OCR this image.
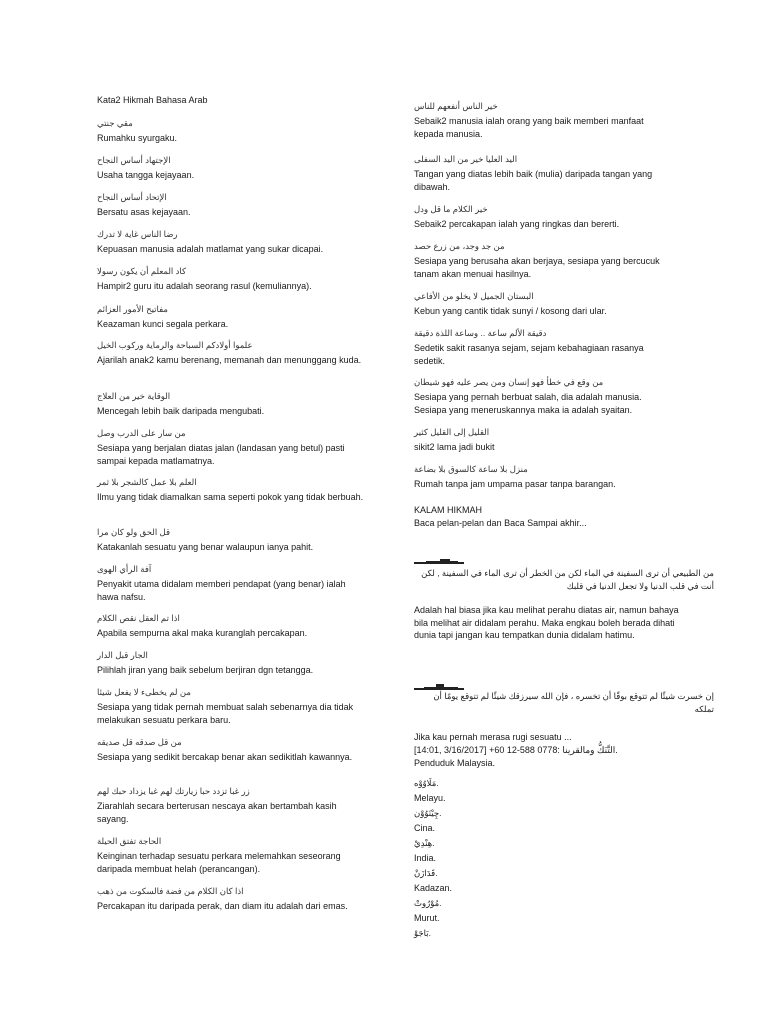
Kata2 Hikmah Bahasa Arab
مقي جنتي
Rumahku syurgaku.
الإجتهاد أساس النجاح
Usaha tangga kejayaan.
الإتحاد أساس النجاح
Bersatu asas kejayaan.
رضا الناس غاية لا تدرك
Kepuasan manusia adalah matlamat yang sukar dicapai.
كاد المعلم أن يكون رسولا
Hampir2 guru itu adalah seorang rasul (kemuliannya).
مفاتيح الأمور العزائم
Keazaman kunci segala perkara.
علموا أولادكم السباحة والرماية وركوب الخيل
Ajarilah anak2 kamu berenang, memanah dan menunggang kuda.
الوقاية خير من العلاج
Mencegah lebih baik daripada mengubati.
من سار على الدرب وصل
Sesiapa yang berjalan diatas jalan (landasan yang betul) pasti sampai kepada matlamatnya.
العلم بلا عمل كالشجر بلا ثمر
Ilmu yang tidak diamalkan sama seperti pokok yang tidak berbuah.
قل الحق ولو كان مرا
Katakanlah sesuatu yang benar walaupun ianya pahit.
آفة الرأي الهوى
Penyakit utama didalam memberi pendapat (yang benar) ialah hawa nafsu.
اذا تم العقل نقص الكلام
Apabila sempurna akal maka kuranglah percakapan.
الجار قبل الدار
Pilihlah jiran yang baik sebelum berjiran dgn tetangga.
من لم يخطىء لا يفعل شيئا
Sesiapa yang tidak pernah membuat salah sebenarnya dia tidak melakukan sesuatu perkara baru.
من قل صدقه قل صديقه
Sesiapa yang sedikit bercakap benar akan sedikitlah kawannya.
زر غبا تزدد حبا زيارتك لهم غبا يزداد حبك لهم
Ziarahlah secara berterusan nescaya akan bertambah kasih sayang.
الحاجة تفتق الحيلة
Keinginan terhadap sesuatu perkara melemahkan seseorang daripada membuat helah (perancangan).
اذا كان الكلام من فضة فالسكوت من ذهب
Percakapan itu daripada perak, dan diam itu adalah dari emas.
خير الناس أنفعهم للناس
Sebaik2 manusia ialah orang yang baik memberi manfaat kepada manusia.
اليد العليا خير من اليد السفلى
Tangan yang diatas lebih baik (mulia) daripada tangan yang dibawah.
خير الكلام ما قل ودل
Sebaik2 percakapan ialah yang ringkas dan bererti.
من جد وجد، من زرع حصد
Sesiapa yang berusaha akan berjaya, sesiapa yang bercucuk tanam akan menuai hasilnya.
البستان الجميل لا يخلو من الأفاعي
Kebun yang cantik tidak sunyi / kosong dari ular.
دقيقة الألم ساعة .. وساعة اللذة دقيقة
Sedetik sakit rasanya sejam, sejam kebahagiaan rasanya sedetik.
من وقع في خطأ فهو إنسان ومن يصر عليه فهو شيطان
Sesiapa yang pernah berbuat salah, dia adalah manusia. Sesiapa yang meneruskannya maka ia adalah syaitan.
القليل إلى القليل كثير
sikit2 lama jadi bukit
منزل بلا ساعة كالسوق بلا بضاعة
Rumah tanpa jam umpama pasar tanpa barangan.
KALAM HIKMAH
Baca pelan-pelan dan Baca Sampai akhir...
من الطبيعي أن ترى السفينة في الماء لكن من الخطر أن ترى الماء في السفينة , لكن أنت في قلب الدنيا ولا تجعل الدنيا في قلبك
Adalah hal biasa jika kau melihat perahu diatas air, namun bahaya bila melihat air didalam perahu. Maka engkau boleh berada dihati dunia tapi jangan kau tempatkan dunia didalam hatimu.
إن خسرت شيئًا لم تتوقع بوقًا أن تخسره ، فإن الله سيرزقك شيئًا لم تتوقع يومًا أن تملكه
Jika kau pernah merasa rugi sesuatu ...
[14:01, 3/16/2017] +60 12-588 0778: التَّنَكُّ ومالقرينا.
Penduduk Malaysia.
مَلَاوُوْه.
Melayu.
چِيْنَوُوْن.
Cina.
هِنْدِيْ.
India.
قَدَازَنْ.
Kadazan.
مُوْرُوتْ.
Murut.
بَاجَوْ.
